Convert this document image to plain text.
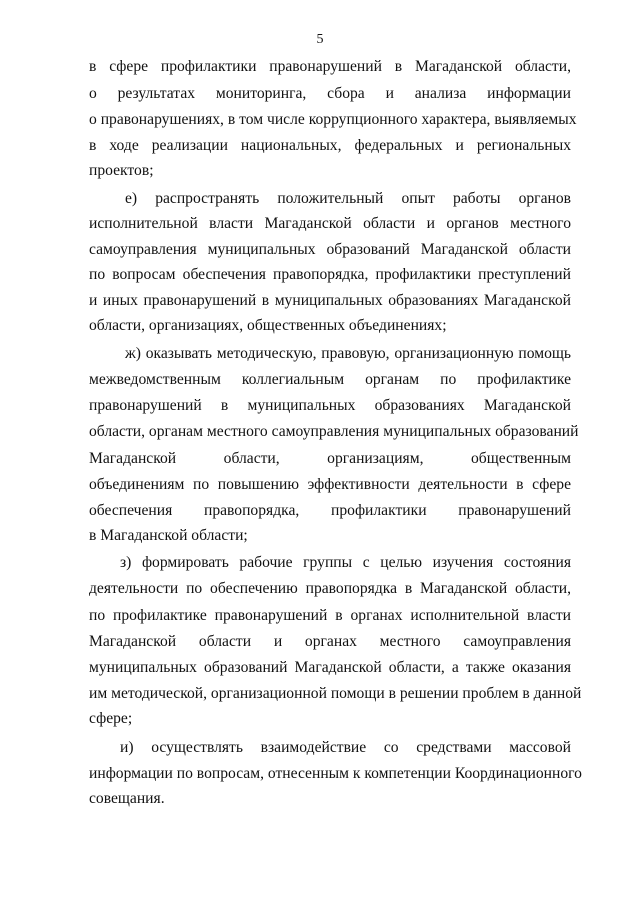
5
в сфере профилактики правонарушений в Магаданской области,
о результатах мониторинга, сбора и анализа информации
о правонарушениях, в том числе коррупционного характера, выявляемых
в ходе реализации национальных, федеральных и региональных
проектов;
е) распространять положительный опыт работы органов
исполнительной власти Магаданской области и органов местного
самоуправления муниципальных образований Магаданской области
по вопросам обеспечения правопорядка, профилактики преступлений
и иных правонарушений в муниципальных образованиях Магаданской
области, организациях, общественных объединениях;
ж) оказывать методическую, правовую, организационную помощь
межведомственным коллегиальным органам по профилактике
правонарушений в муниципальных образованиях Магаданской
области, органам местного самоуправления муниципальных образований
Магаданской области, организациям, общественным
объединениям по повышению эффективности деятельности в сфере
обеспечения правопорядка, профилактики правонарушений
в Магаданской области;
з) формировать рабочие группы с целью изучения состояния
деятельности по обеспечению правопорядка в Магаданской области,
по профилактике правонарушений в органах исполнительной власти
Магаданской области и органах местного самоуправления
муниципальных образований Магаданской области, а также оказания
им методической, организационной помощи в решении проблем в данной
сфере;
и) осуществлять взаимодействие со средствами массовой
информации по вопросам, отнесенным к компетенции Координационного
совещания.
